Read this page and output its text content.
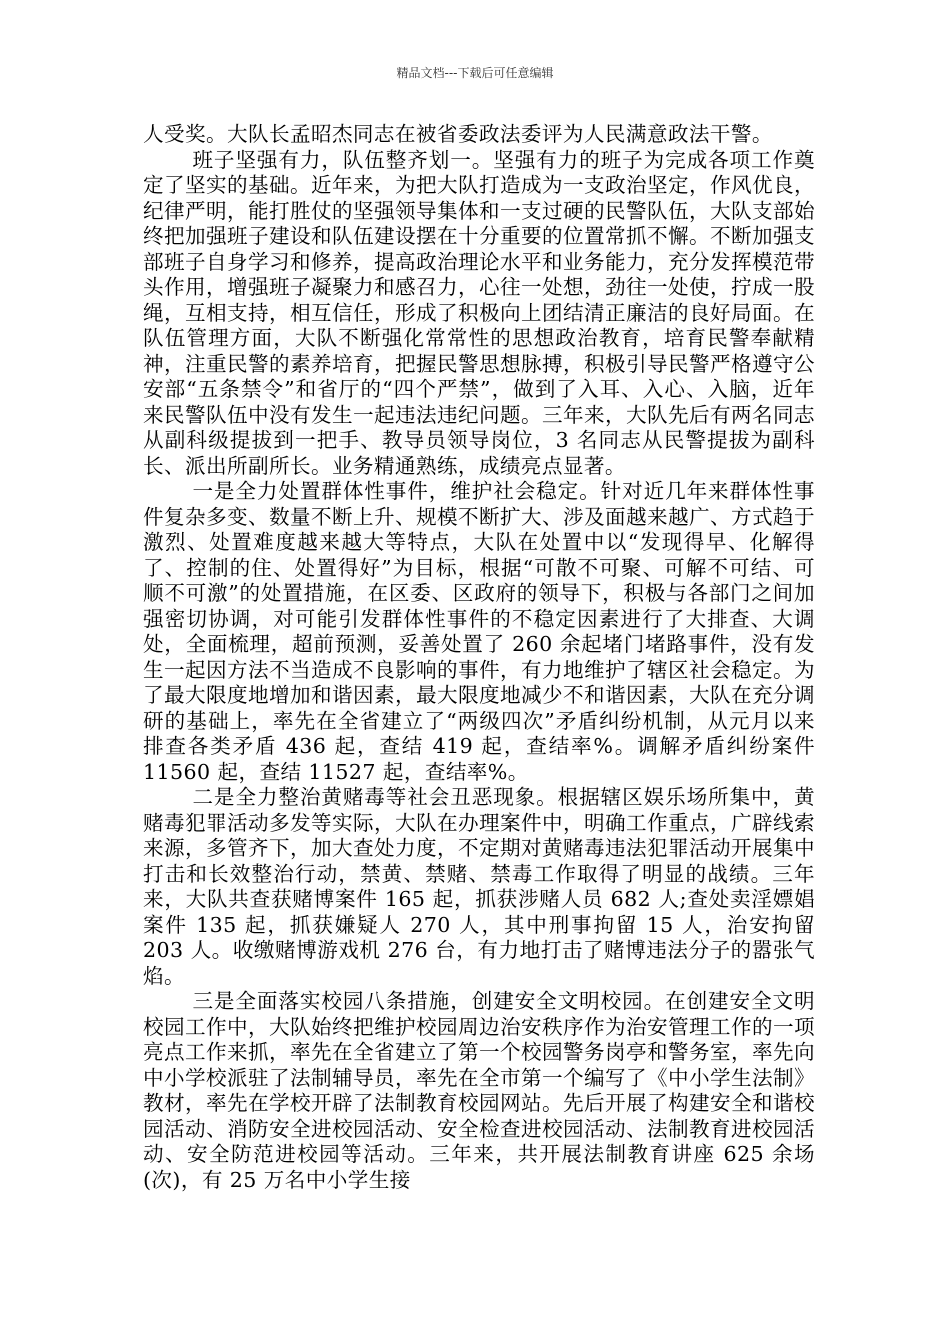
精品文档---下载后可任意编辑

人受奖。大队长孟昭杰同志在被省委政法委评为人民满意政法干警。

班子坚强有力，队伍整齐划一。坚强有力的班子为完成各项工作奠定了坚实的基础。近年来，为把大队打造成为一支政治坚定，作风优良，纪律严明，能打胜仗的坚强领导集体和一支过硬的民警队伍，大队支部始终把加强班子建设和队伍建设摆在十分重要的位置常抓不懈。不断加强支部班子自身学习和修养，提高政治理论水平和业务能力，充分发挥模范带头作用，增强班子凝聚力和感召力，心往一处想，劲往一处使，拧成一股绳，互相支持，相互信任，形成了积极向上团结清正廉洁的良好局面。在队伍管理方面，大队不断强化常常性的思想政治教育，培育民警奉献精神，注重民警的素养培育，把握民警思想脉搏，积极引导民警严格遵守公安部“五条禁令”和省厅的“四个严禁”，做到了入耳、入心、入脑，近年来民警队伍中没有发生一起违法违纪问题。三年来，大队先后有两名同志从副科级提拔到一把手、教导员领导岗位，3 名同志从民警提拔为副科长、派出所副所长。业务精通熟练，成绩亮点显著。

一是全力处置群体性事件，维护社会稳定。针对近几年来群体性事件复杂多变、数量不断上升、规模不断扩大、涉及面越来越广、方式趋于激烈、处置难度越来越大等特点，大队在处置中以“发现得早、化解得了、控制的住、处置得好”为目标，根据“可散不可聚、可解不可结、可顺不可激”的处置措施，在区委、区政府的领导下，积极与各部门之间加强密切协调，对可能引发群体性事件的不稳定因素进行了大排查、大调处，全面梳理，超前预测，妥善处置了 260 余起堵门堵路事件，没有发生一起因方法不当造成不良影响的事件，有力地维护了辖区社会稳定。为了最大限度地增加和谐因素，最大限度地减少不和谐因素，大队在充分调研的基础上，率先在全省建立了“两级四次”矛盾纠纷机制，从元月以来排查各类矛盾 436 起，查结 419 起，查结率%。调解矛盾纠纷案件 11560 起，查结 11527 起，查结率%。

二是全力整治黄赌毒等社会丑恶现象。根据辖区娱乐场所集中，黄赌毒犯罪活动多发等实际，大队在办理案件中，明确工作重点，广辟线索来源，多管齐下，加大查处力度，不定期对黄赌毒违法犯罪活动开展集中打击和长效整治行动，禁黄、禁赌、禁毒工作取得了明显的战绩。三年来，大队共查获赌博案件 165 起，抓获涉赌人员 682 人;查处卖淫嫖娼案件 135 起，抓获嫌疑人 270 人，其中刑事拘留 15 人，治安拘留 203 人。收缴赌博游戏机 276 台，有力地打击了赌博违法分子的嚣张气焰。

三是全面落实校园八条措施，创建安全文明校园。在创建安全文明校园工作中，大队始终把维护校园周边治安秩序作为治安管理工作的一项亮点工作来抓，率先在全省建立了第一个校园警务岗亭和警务室，率先向中小学校派驻了法制辅导员，率先在全市第一个编写了《中小学生法制》教材，率先在学校开辟了法制教育校园网站。先后开展了构建安全和谐校园活动、消防安全进校园活动、安全检查进校园活动、法制教育进校园活动、安全防范进校园等活动。三年来，共开展法制教育讲座 625 余场(次)，有 25 万名中小学生接
